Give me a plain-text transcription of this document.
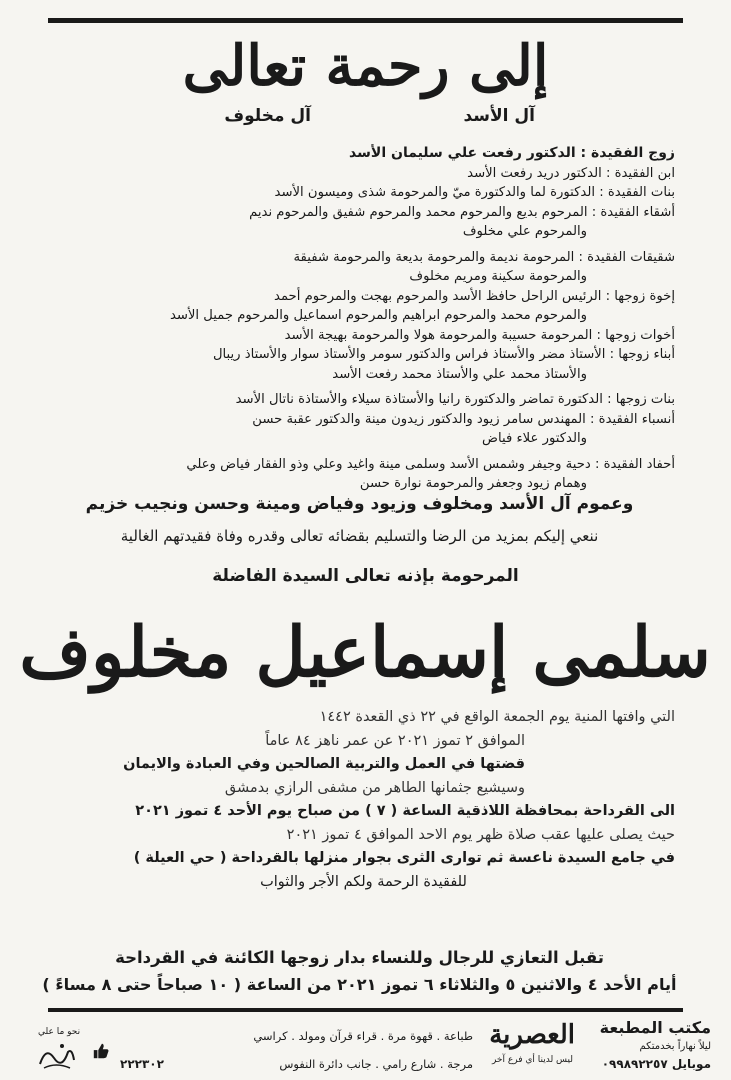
إلى رحمة تعالى
آل الأسد
آل مخلوف
زوج الفقيدة : الدكتور رفعت علي سليمان الأسد
ابن الفقيدة : الدكتور دريد رفعت الأسد
بنات الفقيدة : الدكتورة لما والدكتورة ميّ والمرحومة شذى وميسون الأسد
أشقاء الفقيدة : المرحوم بديع والمرحوم محمد والمرحوم شفيق والمرحوم نديم
والمرحوم علي مخلوف
شقيقات الفقيدة : المرحومة نديمة والمرحومة بديعة والمرحومة شفيقة
والمرحومة سكينة ومريم مخلوف
إخوة زوجها : الرئيس الراحل حافظ الأسد والمرحوم بهجت والمرحوم أحمد
والمرحوم محمد والمرحوم ابراهيم والمرحوم اسماعيل والمرحوم جميل الأسد
أخوات زوجها : المرحومة حسيبة والمرحومة هولا والمرحومة بهيجة الأسد
أبناء زوجها : الأستاذ مضر والأستاذ فراس والدكتور سومر والأستاذ سوار والأستاذ ريبال
والأستاذ محمد علي والأستاذ محمد رفعت الأسد
بنات زوجها : الدكتورة تماضر والدكتورة رانيا والأستاذة سيلاء والأستاذة ناتال الأسد
أنسباء الفقيدة : المهندس سامر زيود والدكتور زيدون مينة والدكتور عقبة حسن
والدكتور علاء فياض
أحفاد الفقيدة : دحية وجيفر وشمس الأسد وسلمى مينة واغيد وعلي وذو الفقار فياض وعلي
وهمام زيود وجعفر والمرحومة نوارة حسن
وعموم آل الأسد ومخلوف وزيود وفياض ومينة وحسن ونجيب خزيم
ننعي إليكم بمزيد من الرضا والتسليم بقضائه تعالى وقدره وفاة فقيدتهم الغالية
المرحومة بإذنه تعالى السيدة الفاضلة
سلمى إسماعيل مخلوف
التي وافتها المنية يوم الجمعة الواقع في ٢٢ ذي القعدة ١٤٤٢
الموافق ٢ تموز ٢٠٢١ عن عمر ناهز ٨٤ عاماً
قضتها في العمل والتربية الصالحين وفي العبادة والايمان
وسيشيع جثمانها الطاهر من مشفى الرازي بدمشق
الى القرداحة بمحافظة اللاذقية الساعة ( ٧ ) من صباح يوم الأحد ٤ تموز ٢٠٢١
حيث يصلى عليها عقب صلاة ظهر يوم الاحد الموافق ٤ تموز ٢٠٢١
في جامع السيدة ناعسة ثم توارى الثرى بجوار منزلها بالقرداحة ( حي العيلة )
للفقيدة الرحمة ولكم الأجر والثواب
تقبل التعازي للرجال وللنساء بدار زوجها الكائنة في القرداحة
أيام الأحد ٤ والاثنين ٥ والثلاثاء ٦ تموز ٢٠٢١ من الساعة ( ١٠ صباحاً حتى ٨ مساءً )
مكتب المطبعة
ليلاً نهاراً بخدمتكم
موبايل ٠٩٩٨٩٢٢٥٧
العصرية
ليس لدينا أي فرع آخر
طباعة . قهوة مرة . قراء قرآن ومولد . كراسي
مرجة . شارع رامي . جانب دائرة النفوس
٢٢٢٣٠٢
نحو ما علي
